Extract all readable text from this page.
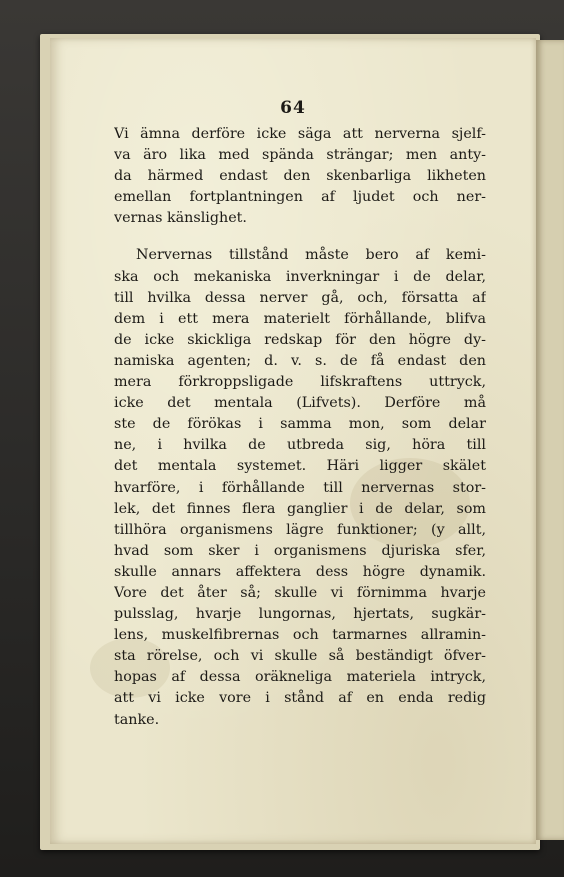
64
Vi ämna derföre icke säga att nerverna sjelf-
va äro lika med spända strängar; men anty-
da härmed endast den skenbarliga likheten
emellan fortplantningen af ljudet och ner-
vernas känslighet.
Nervernas tillstånd måste bero af kemi-
ska och mekaniska inverkningar i de delar,
till hvilka dessa nerver gå, och, försatta af
dem i ett mera materielt förhållande, blifva
de icke skickliga redskap för den högre dy-
namiska agenten; d. v. s. de få endast den
mera förkroppsligade lifskraftens uttryck,
icke det mentala (Lifvets). Derföre må
ste de förökas i samma mon, som delar
ne, i hvilka de utbreda sig, höra till
det mentala systemet. Häri ligger skälet
hvarföre, i förhållande till nervernas stor-
lek, det finnes flera ganglier i de delar, som
tillhöra organismens lägre funktioner; (y allt,
hvad som sker i organismens djuriska sfer,
skulle annars affektera dess högre dynamik.
Vore det åter så; skulle vi förnimma hvarje
pulsslag, hvarje lungornas, hjertats, sugkär-
lens, muskelfibrernas och tarmarnes allramin-
sta rörelse, och vi skulle så beständigt öfver-
hopas af dessa oräkneliga materiela intryck,
att vi icke vore i stånd af en enda redig
tanke.
